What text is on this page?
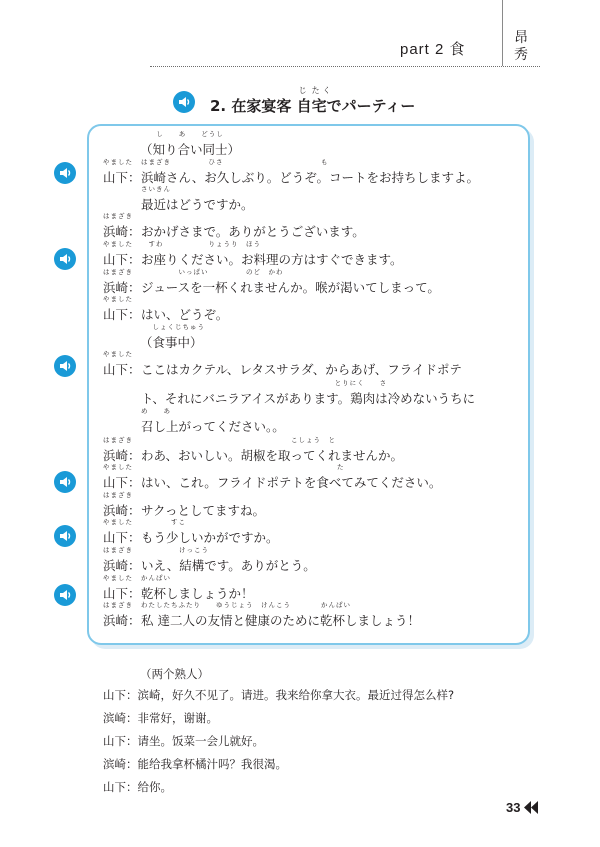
part 2 食
昂秀
2. 在家宴客
じ
自
たく
宅でパーティー
（
し　　あ　　どうし
知り合い同士）
やました
山下：
はまざき　　　　　ひさ　　　　　　　　　　　　　も
浜崎さん、お久しぶり。どうぞ。コートをお持ちしますよ。
さいきん
最近はどうですか。
はまざき
浜崎：おかげさまで。ありがとうございます。
やました
山下：
　すわ　　　　　　りょうり　ほう
お座りください。お料理の方はすぐできます。
はまざき
浜崎：
　　　　　いっぱい　　　　　のど　かわ
ジュースを一杯くれませんか。喉が渇いてしまって。
やました
山下：はい、どうぞ。
（
しょくじちゅう
食事中）
やました
山下：ここはカクテル、レタスサラダ、からあげ、フライドポテ
とりにく　　さ
ト、それにバニラアイスがあります。鶏肉は冷めないうちに
め　　あ
召し上がってください。。
はまざき
浜崎：
こしょう　と
わあ、おいしい。胡椒を取ってくれませんか。
やました
山下：
た
はい、これ。フライドポテトを食べてみてください。
はまざき
浜崎：サクっとしてますね。
やました
山下：
すこ
もう少しいかがですか。
はまざき
浜崎：
けっこう
いえ、結構です。ありがとう。
やました
山下：
かんぱい
乾杯しましょうか！
はまざき
浜崎：
わたしたちふたり　　ゆうじょう　けんこう　　　　かんぱい
私 達二人の友情と健康のために乾杯しましょう！
（两个熟人）
山下：滨崎，好久不见了。请进。我来给你拿大衣。最近过得怎么样?
滨崎：非常好，谢谢。
山下：请坐。饭菜一会儿就好。
滨崎：能给我拿杯橘汁吗？我很渴。
山下：给你。
33
